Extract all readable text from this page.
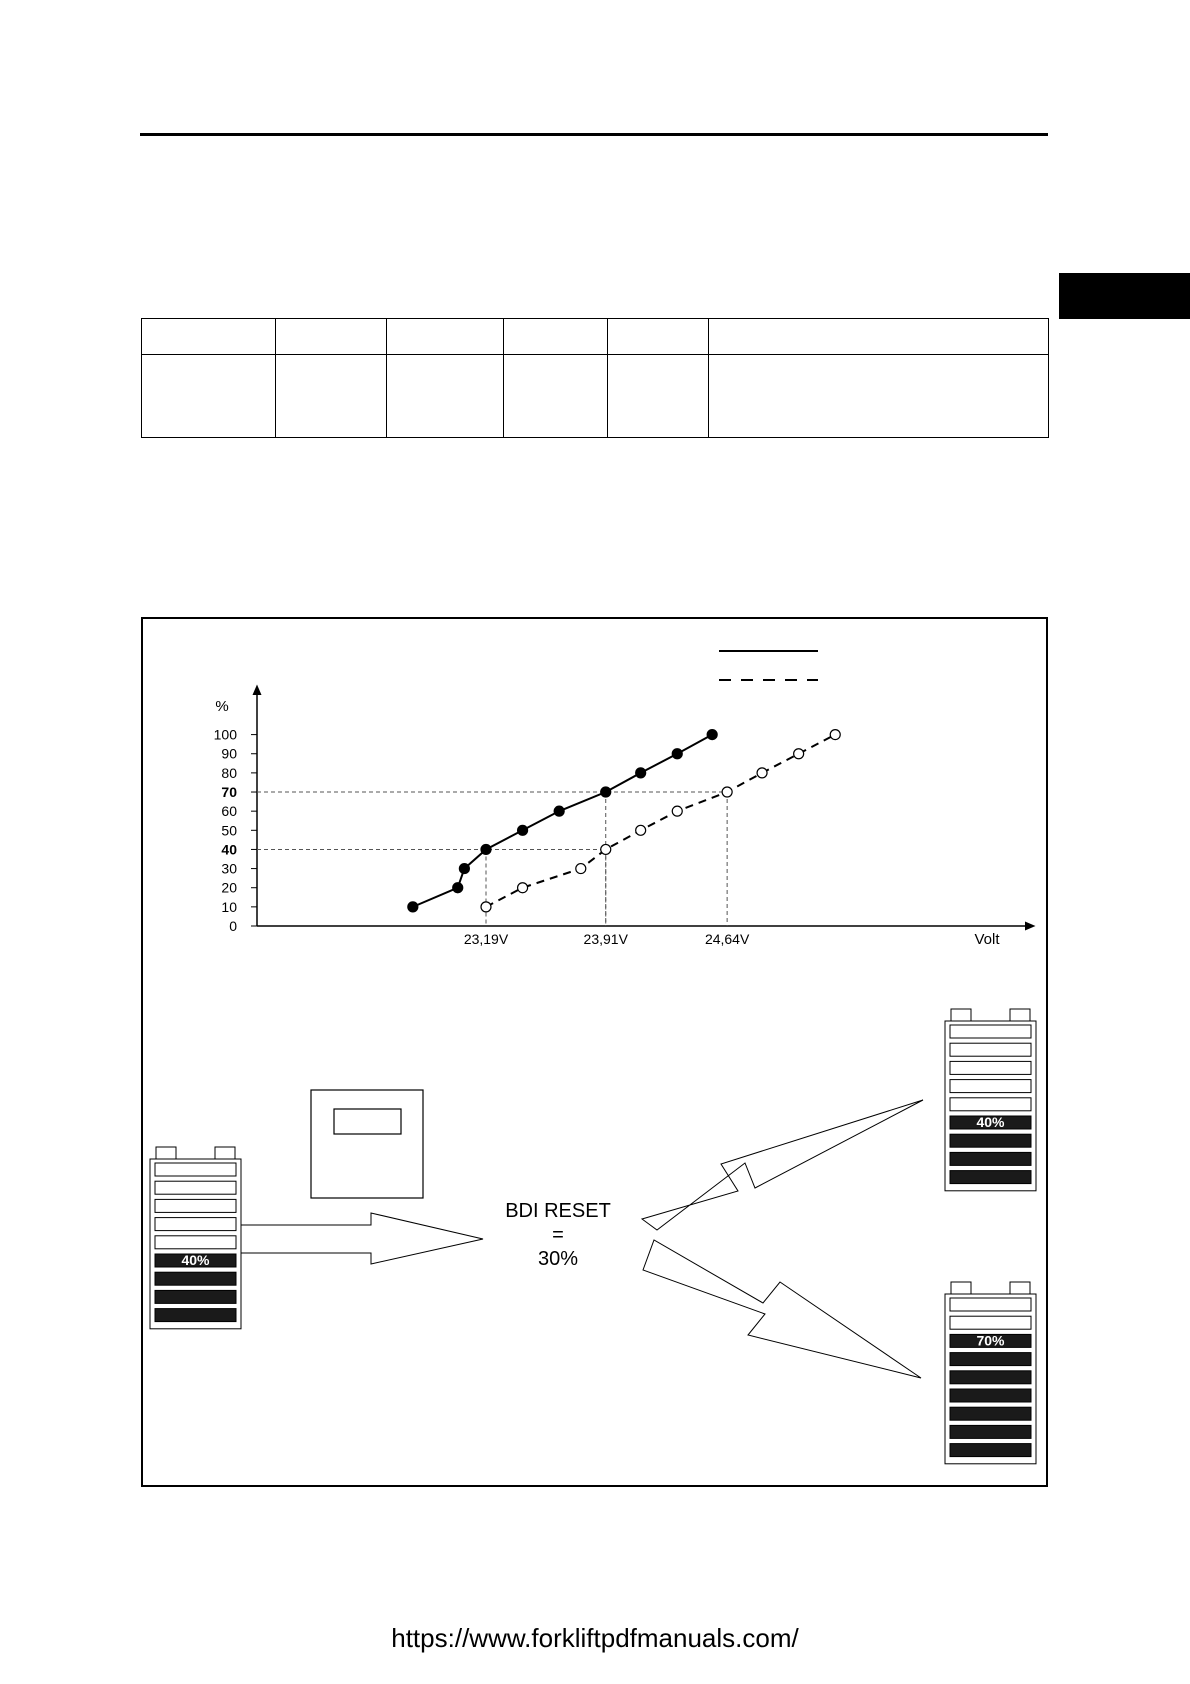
%
Volt
0
10
20
30
40
50
60
70
80
90
100
23,19V	23,91V	24,64V
BDI RESET
=
30%
40%
40%
70%
https://www.forkliftpdfmanuals.com/
